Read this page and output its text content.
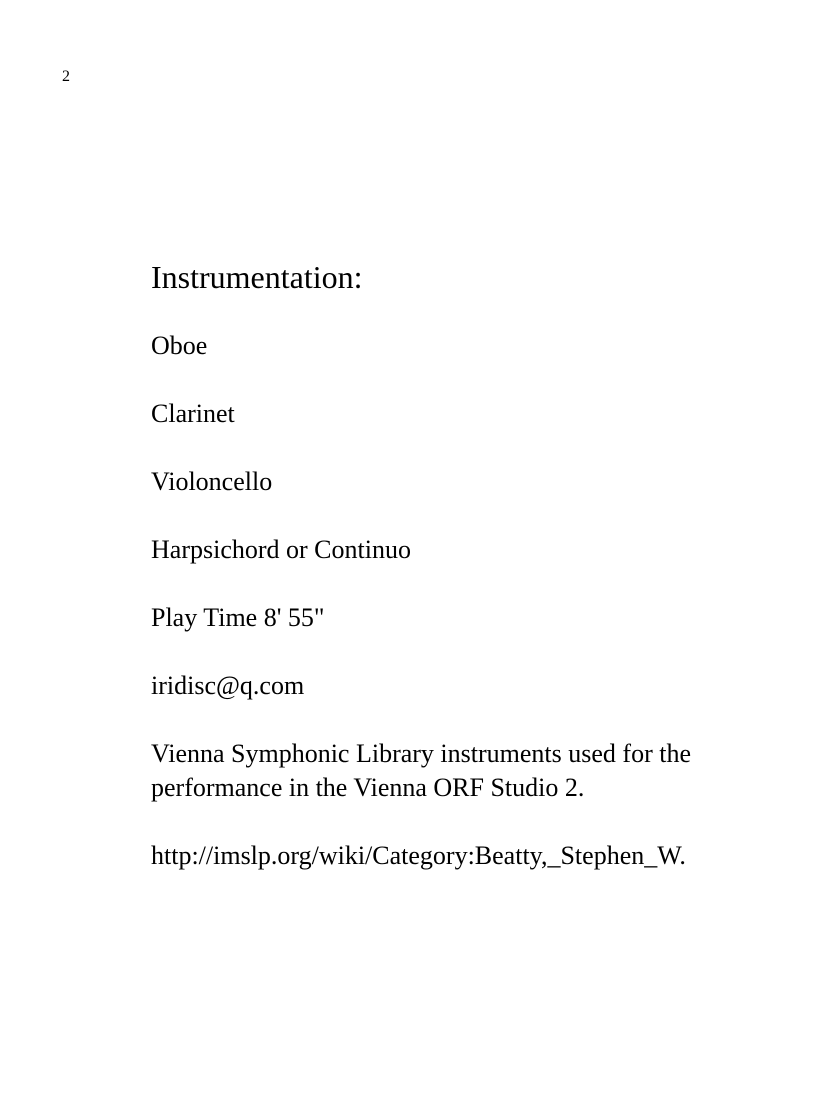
2
Instrumentation:
Oboe
Clarinet
Violoncello
Harpsichord or Continuo
Play Time 8' 55"
iridisc@q.com
Vienna Symphonic Library instruments used for the
performance in the Vienna ORF Studio 2.
http://imslp.org/wiki/Category:Beatty,_Stephen_W.
